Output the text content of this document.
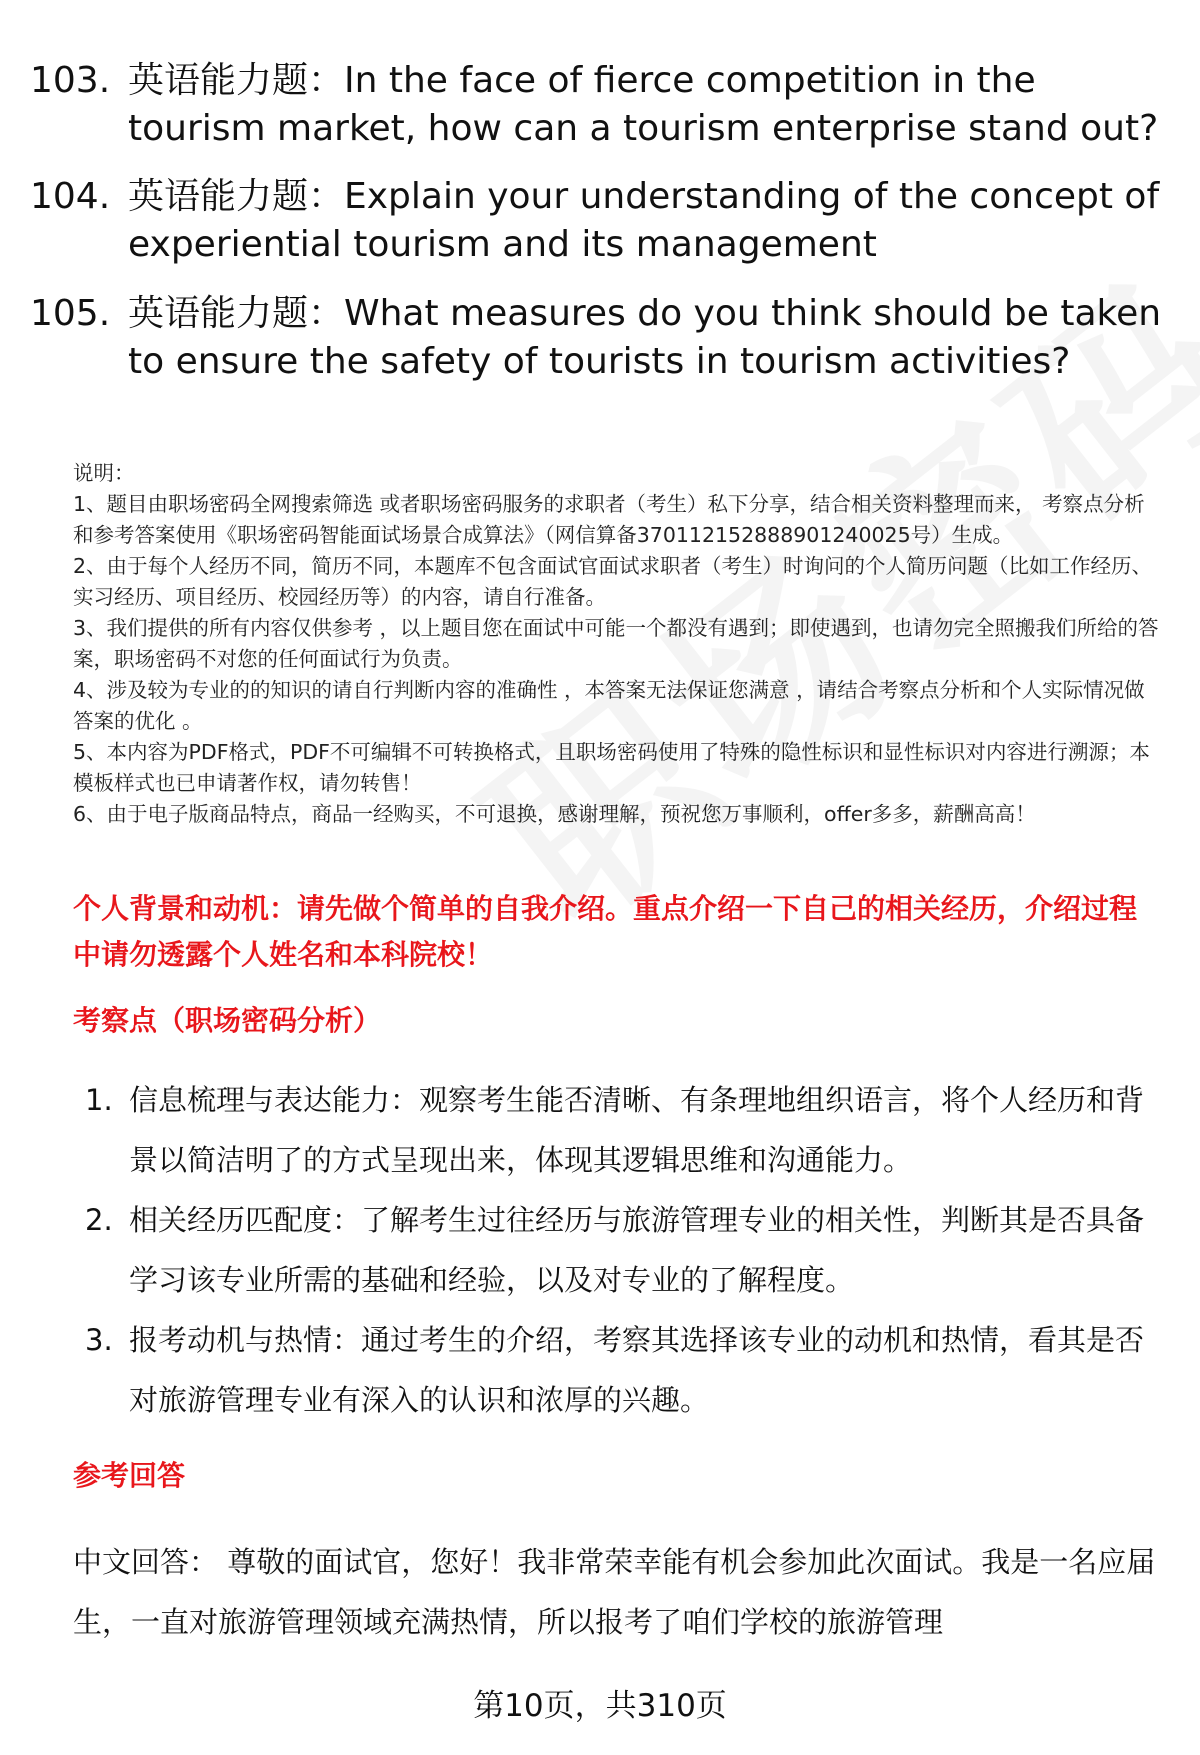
103. 英语能力题：In the face of fierce competition in the tourism market, how can a tourism enterprise stand out?
104. 英语能力题：Explain your understanding of the concept of experiential tourism and its management
105. 英语能力题：What measures do you think should be taken to ensure the safety of tourists in tourism activities?

说明：

1、题目由职场密码全网搜索筛选 或者职场密码服务的求职者（考生）私下分享，结合相关资料整理而来， 考察点分析和参考答案使用《职场密码智能面试场景合成算法》（网信算备370112152888901240025号）生成。

2、由于每个人经历不同，简历不同，本题库不包含面试官面试求职者（考生）时询问的个人简历问题（比如工作经历、实习经历、项目经历、校园经历等）的内容，请自行准备。

3、我们提供的所有内容仅供参考 ，以上题目您在面试中可能一个都没有遇到；即使遇到，也请勿完全照搬我们所给的答案，职场密码不对您的任何面试行为负责。

4、涉及较为专业的的知识的请自行判断内容的准确性 ，本答案无法保证您满意 ，请结合考察点分析和个人实际情况做答案的优化 。

5、本内容为PDF格式，PDF不可编辑不可转换格式，且职场密码使用了特殊的隐性标识和显性标识对内容进行溯源；本模板样式也已申请著作权，请勿转售！

6、由于电子版商品特点，商品一经购买，不可退换，感谢理解，预祝您万事顺利，offer多多，薪酬高高！

个人背景和动机：请先做个简单的自我介绍。重点介绍一下自己的相关经历，介绍过程中请勿透露个人姓名和本科院校！
考察点（职场密码分析）
1. 信息梳理与表达能力：观察考生能否清晰、有条理地组织语言，将个人经历和背景以简洁明了的方式呈现出来，体现其逻辑思维和沟通能力。
2. 相关经历匹配度：了解考生过往经历与旅游管理专业的相关性，判断其是否具备学习该专业所需的基础和经验，以及对专业的了解程度。
3. 报考动机与热情：通过考生的介绍，考察其选择该专业的动机和热情，看其是否对旅游管理专业有深入的认识和浓厚的兴趣。
参考回答
中文回答： 尊敬的面试官，您好！我非常荣幸能有机会参加此次面试。我是一名应届生，一直对旅游管理领域充满热情，所以报考了咱们学校的旅游管理
第10页，共310页
